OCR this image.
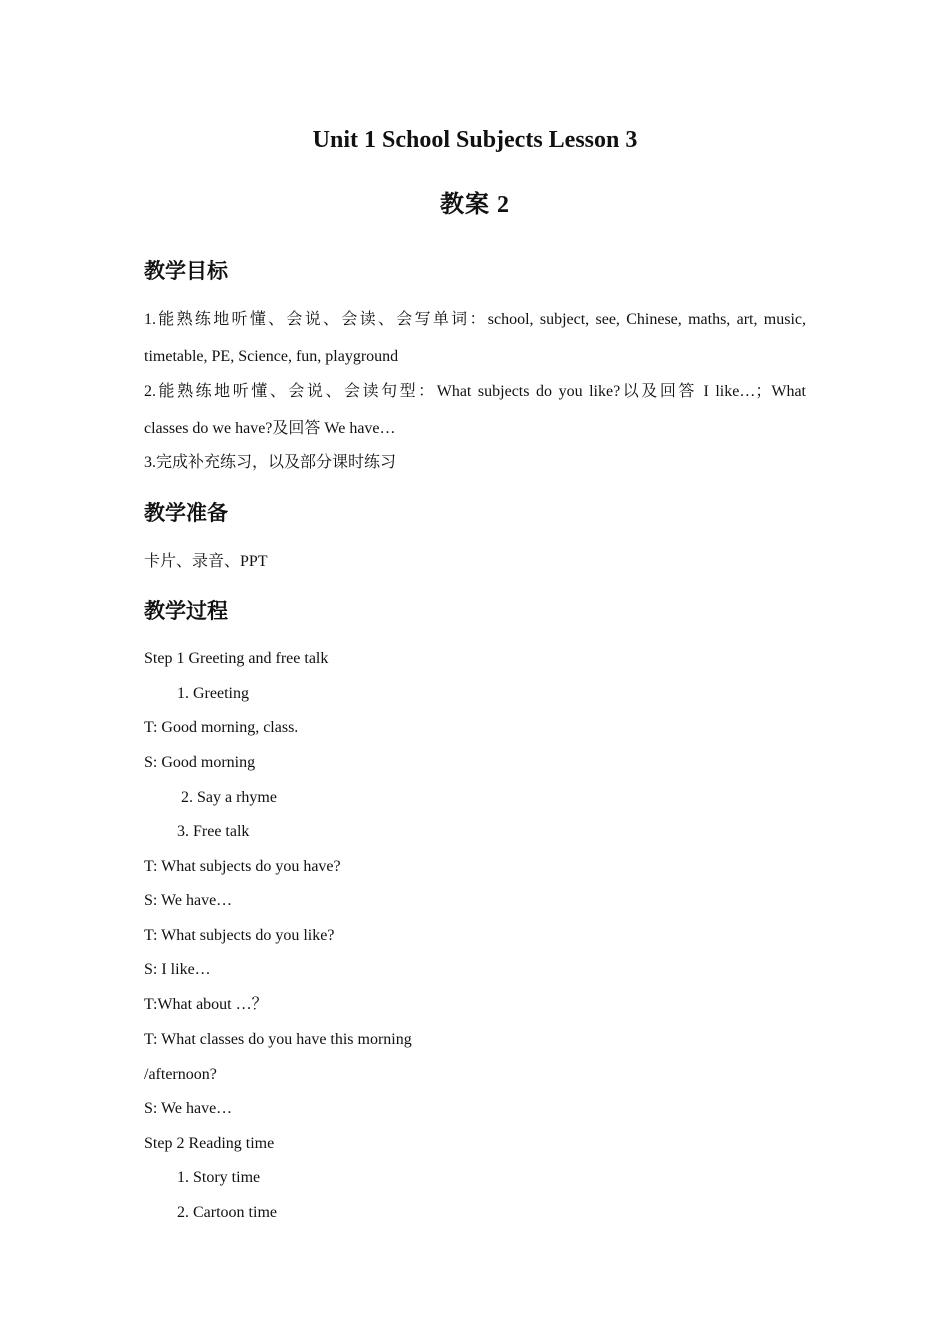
Unit 1 School Subjects Lesson 3
教案 2
教学目标
1.能熟练地听懂、会说、会读、会写单词：school, subject, see, Chinese, maths, art, music,
timetable, PE, Science, fun, playground
2.能熟练地听懂、会说、会读句型：What subjects do you like?以及回答 I like…；What
classes do we have?及回答 We have…
3.完成补充练习，以及部分课时练习
教学准备
卡片、录音、PPT
教学过程
Step 1 Greeting and free talk
1. Greeting
T: Good morning, class.
S: Good morning
2. Say a rhyme
3. Free talk
T: What subjects do you have?
S: We have…
T: What subjects do you like?
S: I like…
T:What about …？
T: What classes do you have this morning
/afternoon?
S: We have…
Step 2 Reading time
1. Story time
2. Cartoon time
